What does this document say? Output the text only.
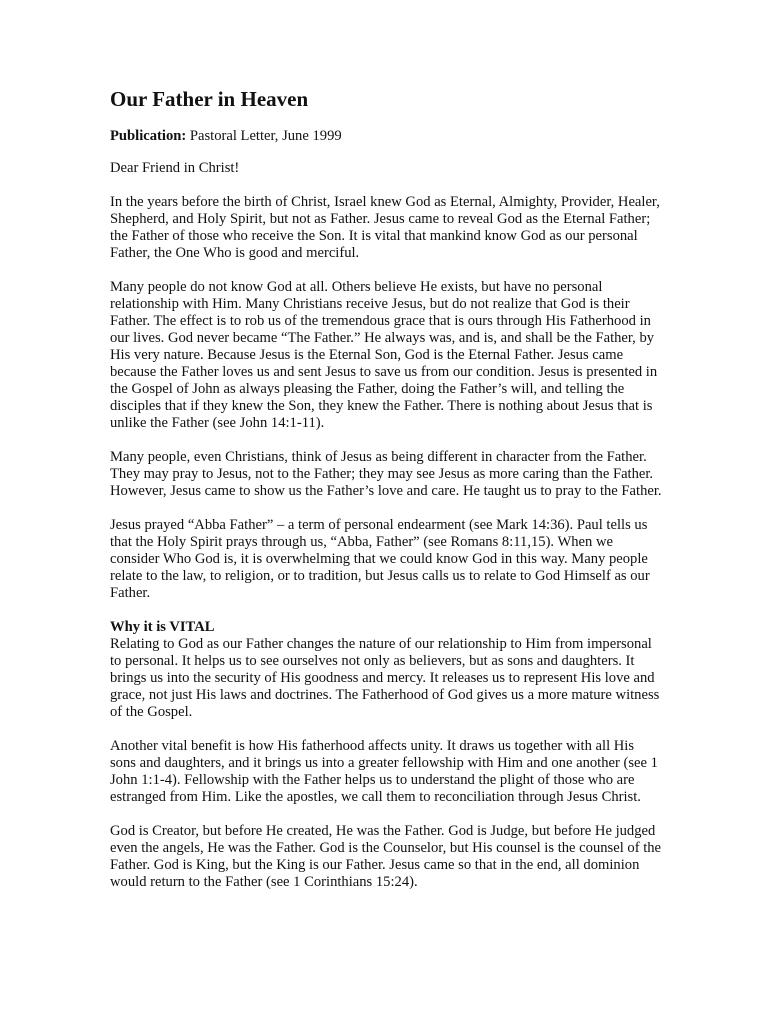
Our Father in Heaven
Publication: Pastoral Letter, June 1999

Dear Friend in Christ!

In the years before the birth of Christ, Israel knew God as Eternal, Almighty, Provider, Healer, Shepherd, and Holy Spirit, but not as Father. Jesus came to reveal God as the Eternal Father; the Father of those who receive the Son. It is vital that mankind know God as our personal Father, the One Who is good and merciful.

Many people do not know God at all. Others believe He exists, but have no personal relationship with Him. Many Christians receive Jesus, but do not realize that God is their Father. The effect is to rob us of the tremendous grace that is ours through His Fatherhood in our lives. God never became “The Father.” He always was, and is, and shall be the Father, by His very nature. Because Jesus is the Eternal Son, God is the Eternal Father. Jesus came because the Father loves us and sent Jesus to save us from our condition. Jesus is presented in the Gospel of John as always pleasing the Father, doing the Father’s will, and telling the disciples that if they knew the Son, they knew the Father. There is nothing about Jesus that is unlike the Father (see John 14:1-11).

Many people, even Christians, think of Jesus as being different in character from the Father. They may pray to Jesus, not to the Father; they may see Jesus as more caring than the Father. However, Jesus came to show us the Father’s love and care. He taught us to pray to the Father.

Jesus prayed “Abba Father” – a term of personal endearment (see Mark 14:36). Paul tells us that the Holy Spirit prays through us, “Abba, Father” (see Romans 8:11,15). When we consider Who God is, it is overwhelming that we could know God in this way. Many people relate to the law, to religion, or to tradition, but Jesus calls us to relate to God Himself as our Father.

Why it is VITAL

Relating to God as our Father changes the nature of our relationship to Him from impersonal to personal. It helps us to see ourselves not only as believers, but as sons and daughters. It brings us into the security of His goodness and mercy. It releases us to represent His love and grace, not just His laws and doctrines. The Fatherhood of God gives us a more mature witness of the Gospel.

Another vital benefit is how His fatherhood affects unity. It draws us together with all His sons and daughters, and it brings us into a greater fellowship with Him and one another (see 1 John 1:1-4). Fellowship with the Father helps us to understand the plight of those who are estranged from Him. Like the apostles, we call them to reconciliation through Jesus Christ.

God is Creator, but before He created, He was the Father. God is Judge, but before He judged even the angels, He was the Father. God is the Counselor, but His counsel is the counsel of the Father. God is King, but the King is our Father. Jesus came so that in the end, all dominion would return to the Father (see 1 Corinthians 15:24).
